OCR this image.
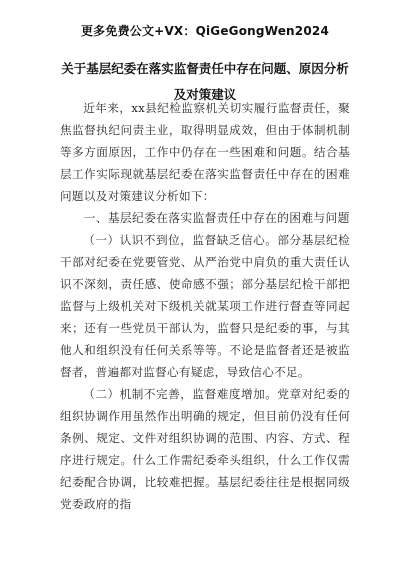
更多免费公文+VX：QiGeGongWen2024
关于基层纪委在落实监督责任中存在问题、原因分析及对策建议

近年来，xx县纪检监察机关切实履行监督责任，聚焦监督执纪问责主业，取得明显成效，但由于体制机制等多方面原因，工作中仍存在一些困难和问题。结合基层工作实际现就基层纪委在落实监督责任中存在的困难问题以及对策建议分析如下：

一、基层纪委在落实监督责任中存在的困难与问题

（一）认识不到位，监督缺乏信心。部分基层纪检干部对纪委在党要管党、从严治党中肩负的重大责任认识不深刻，责任感、使命感不强；部分基层纪检干部把监督与上级机关对下级机关就某项工作进行督查等同起来；还有一些党员干部认为，监督只是纪委的事，与其他人和组织没有任何关系等等。不论是监督者还是被监督者，普遍都对监督心有疑虑，导致信心不足。

（二）机制不完善，监督难度增加。党章对纪委的组织协调作用虽然作出明确的规定，但目前仍没有任何条例、规定、文件对组织协调的范围、内容、方式、程序进行规定。什么工作需纪委牵头组织，什么工作仅需纪委配合协调，比较难把握。基层纪委往往是根据同级党委政府的指
